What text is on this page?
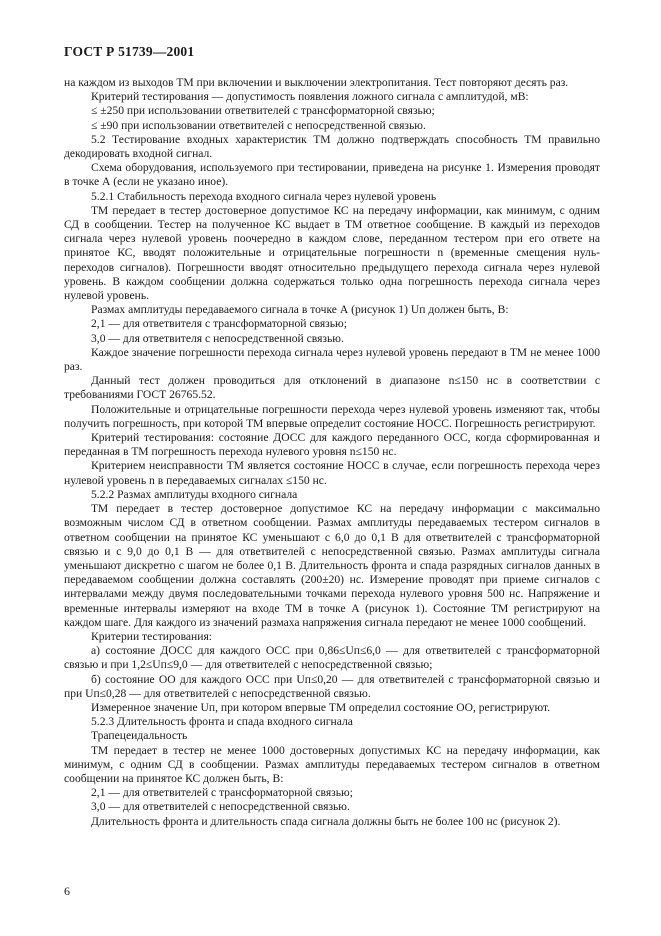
ГОСТ Р 51739—2001

на каждом из выходов ТМ при включении и выключении электропитания. Тест повторяют десять раз.

Критерий тестирования — допустимость появления ложного сигнала с амплитудой, мВ:

≤ ±250 при использовании ответвителей с трансформаторной связью;

≤ ±90 при использовании ответвителей с непосредственной связью.

5.2 Тестирование входных характеристик ТМ должно подтверждать способность ТМ правильно декодировать входной сигнал.

Схема оборудования, используемого при тестировании, приведена на рисунке 1. Измерения проводят в точке А (если не указано иное).

5.2.1 Стабильность перехода входного сигнала через нулевой уровень

ТМ передает в тестер достоверное допустимое КС на передачу информации, как минимум, с одним СД в сообщении. Тестер на полученное КС выдает в ТМ ответное сообщение. В каждый из переходов сигнала через нулевой уровень поочередно в каждом слове, переданном тестером при его ответе на принятое КС, вводят положительные и отрицательные погрешности n (временные смещения нуль-переходов сигналов). Погрешности вводят относительно предыдущего перехода сигнала через нулевой уровень. В каждом сообщении должна содержаться только одна погрешность перехода сигнала через нулевой уровень.

Размах амплитуды передаваемого сигнала в точке А (рисунок 1) Uп должен быть, В:

2,1 — для ответвителя с трансформаторной связью;

3,0 — для ответвителя с непосредственной связью.

Каждое значение погрешности перехода сигнала через нулевой уровень передают в ТМ не менее 1000 раз.

Данный тест должен проводиться для отклонений в диапазоне n≤150 нс в соответствии с требованиями ГОСТ 26765.52.

Положительные и отрицательные погрешности перехода через нулевой уровень изменяют так, чтобы получить погрешность, при которой ТМ впервые определит состояние НОСС. Погрешность регистрируют.

Критерий тестирования: состояние ДОСС для каждого переданного ОСС, когда сформированная и переданная в ТМ погрешность перехода нулевого уровня n≤150 нс.

Критерием неисправности ТМ является состояние НОСС в случае, если погрешность перехода через нулевой уровень n в передаваемых сигналах ≤150 нс.

5.2.2 Размах амплитуды входного сигнала

ТМ передает в тестер достоверное допустимое КС на передачу информации с максимально возможным числом СД в ответном сообщении. Размах амплитуды передаваемых тестером сигналов в ответном сообщении на принятое КС уменьшают с 6,0 до 0,1 В для ответвителей с трансформаторной связью и с 9,0 до 0,1 В — для ответвителей с непосредственной связью. Размах амплитуды сигнала уменьшают дискретно с шагом не более 0,1 В. Длительность фронта и спада разрядных сигналов данных в передаваемом сообщении должна составлять (200±20) нс. Измерение проводят при приеме сигналов с интервалами между двумя последовательными точками перехода нулевого уровня 500 нс. Напряжение и временные интервалы измеряют на входе ТМ в точке А (рисунок 1). Состояние ТМ регистрируют на каждом шаге. Для каждого из значений размаха напряжения сигнала передают не менее 1000 сообщений.

Критерии тестирования:

а) состояние ДОСС для каждого ОСС при 0,86≤Uп≤6,0 — для ответвителей с трансформаторной связью и при 1,2≤Uп≤9,0 — для ответвителей с непосредственной связью;

б) состояние ОО для каждого ОСС при Uп≤0,20 — для ответвителей с трансформаторной связью и при Uп≤0,28 — для ответвителей с непосредственной связью.

Измеренное значение Uп, при котором впервые ТМ определил состояние ОО, регистрируют.

5.2.3 Длительность фронта и спада входного сигнала

Трапецеидальность

ТМ передает в тестер не менее 1000 достоверных допустимых КС на передачу информации, как минимум, с одним СД в сообщении. Размах амплитуды передаваемых тестером сигналов в ответном сообщении на принятое КС должен быть, В:

2,1 — для ответвителей с трансформаторной связью;

3,0 — для ответвителей с непосредственной связью.

Длительность фронта и длительность спада сигнала должны быть не более 100 нс (рисунок 2).

6
